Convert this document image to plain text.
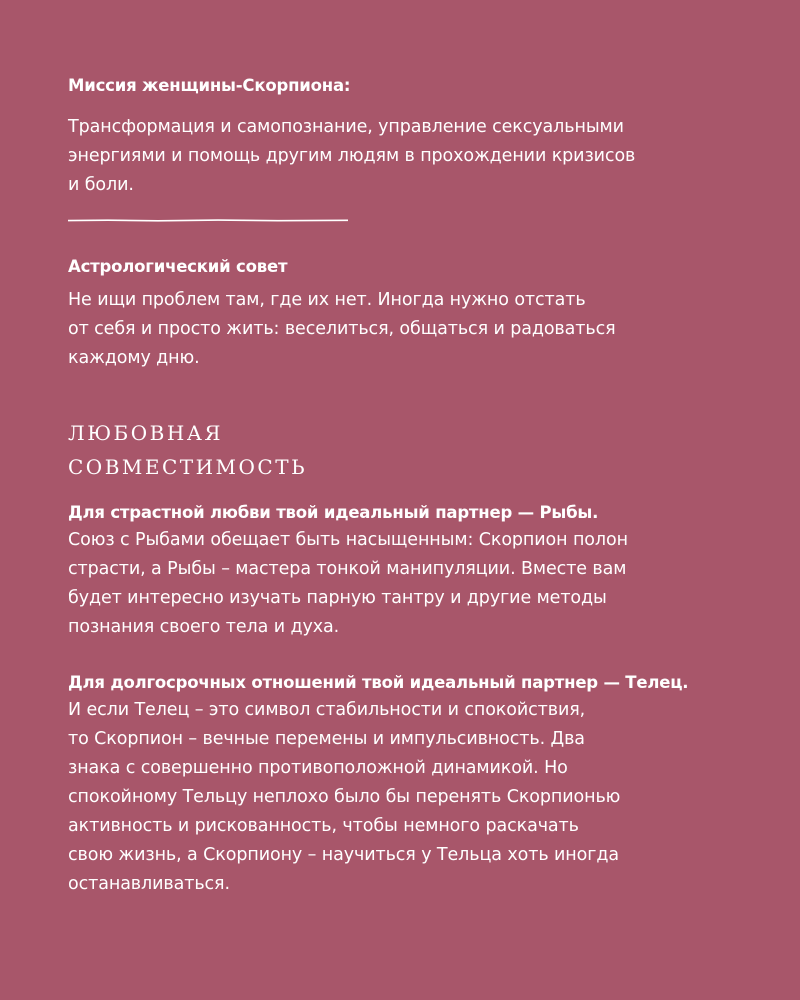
Миссия женщины-Скорпиона:

Трансформация и самопознание, управление сексуальными
энергиями и помощь другим людям в прохождении кризисов
и боли.

Астрологический совет

Не ищи проблем там, где их нет. Иногда нужно отстать
от себя и просто жить: веселиться, общаться и радоваться
каждому дню.

любовная
совместимость

Для страстной любви твой идеальный партнер — Рыбы.

Союз с Рыбами обещает быть насыщенным: Скорпион полон
страсти, а Рыбы – мастера тонкой манипуляции. Вместе вам
будет интересно изучать парную тантру и другие методы
познания своего тела и духа.

Для долгосрочных отношений твой идеальный партнер — Телец.

И если Телец – это символ стабильности и спокойствия,
то Скорпион – вечные перемены и импульсивность. Два
знака с совершенно противоположной динамикой. Но
спокойному Тельцу неплохо было бы перенять Скорпионью
активность и рискованность, чтобы немного раскачать
свою жизнь, а Скорпиону – научиться у Тельца хоть иногда
останавливаться.
